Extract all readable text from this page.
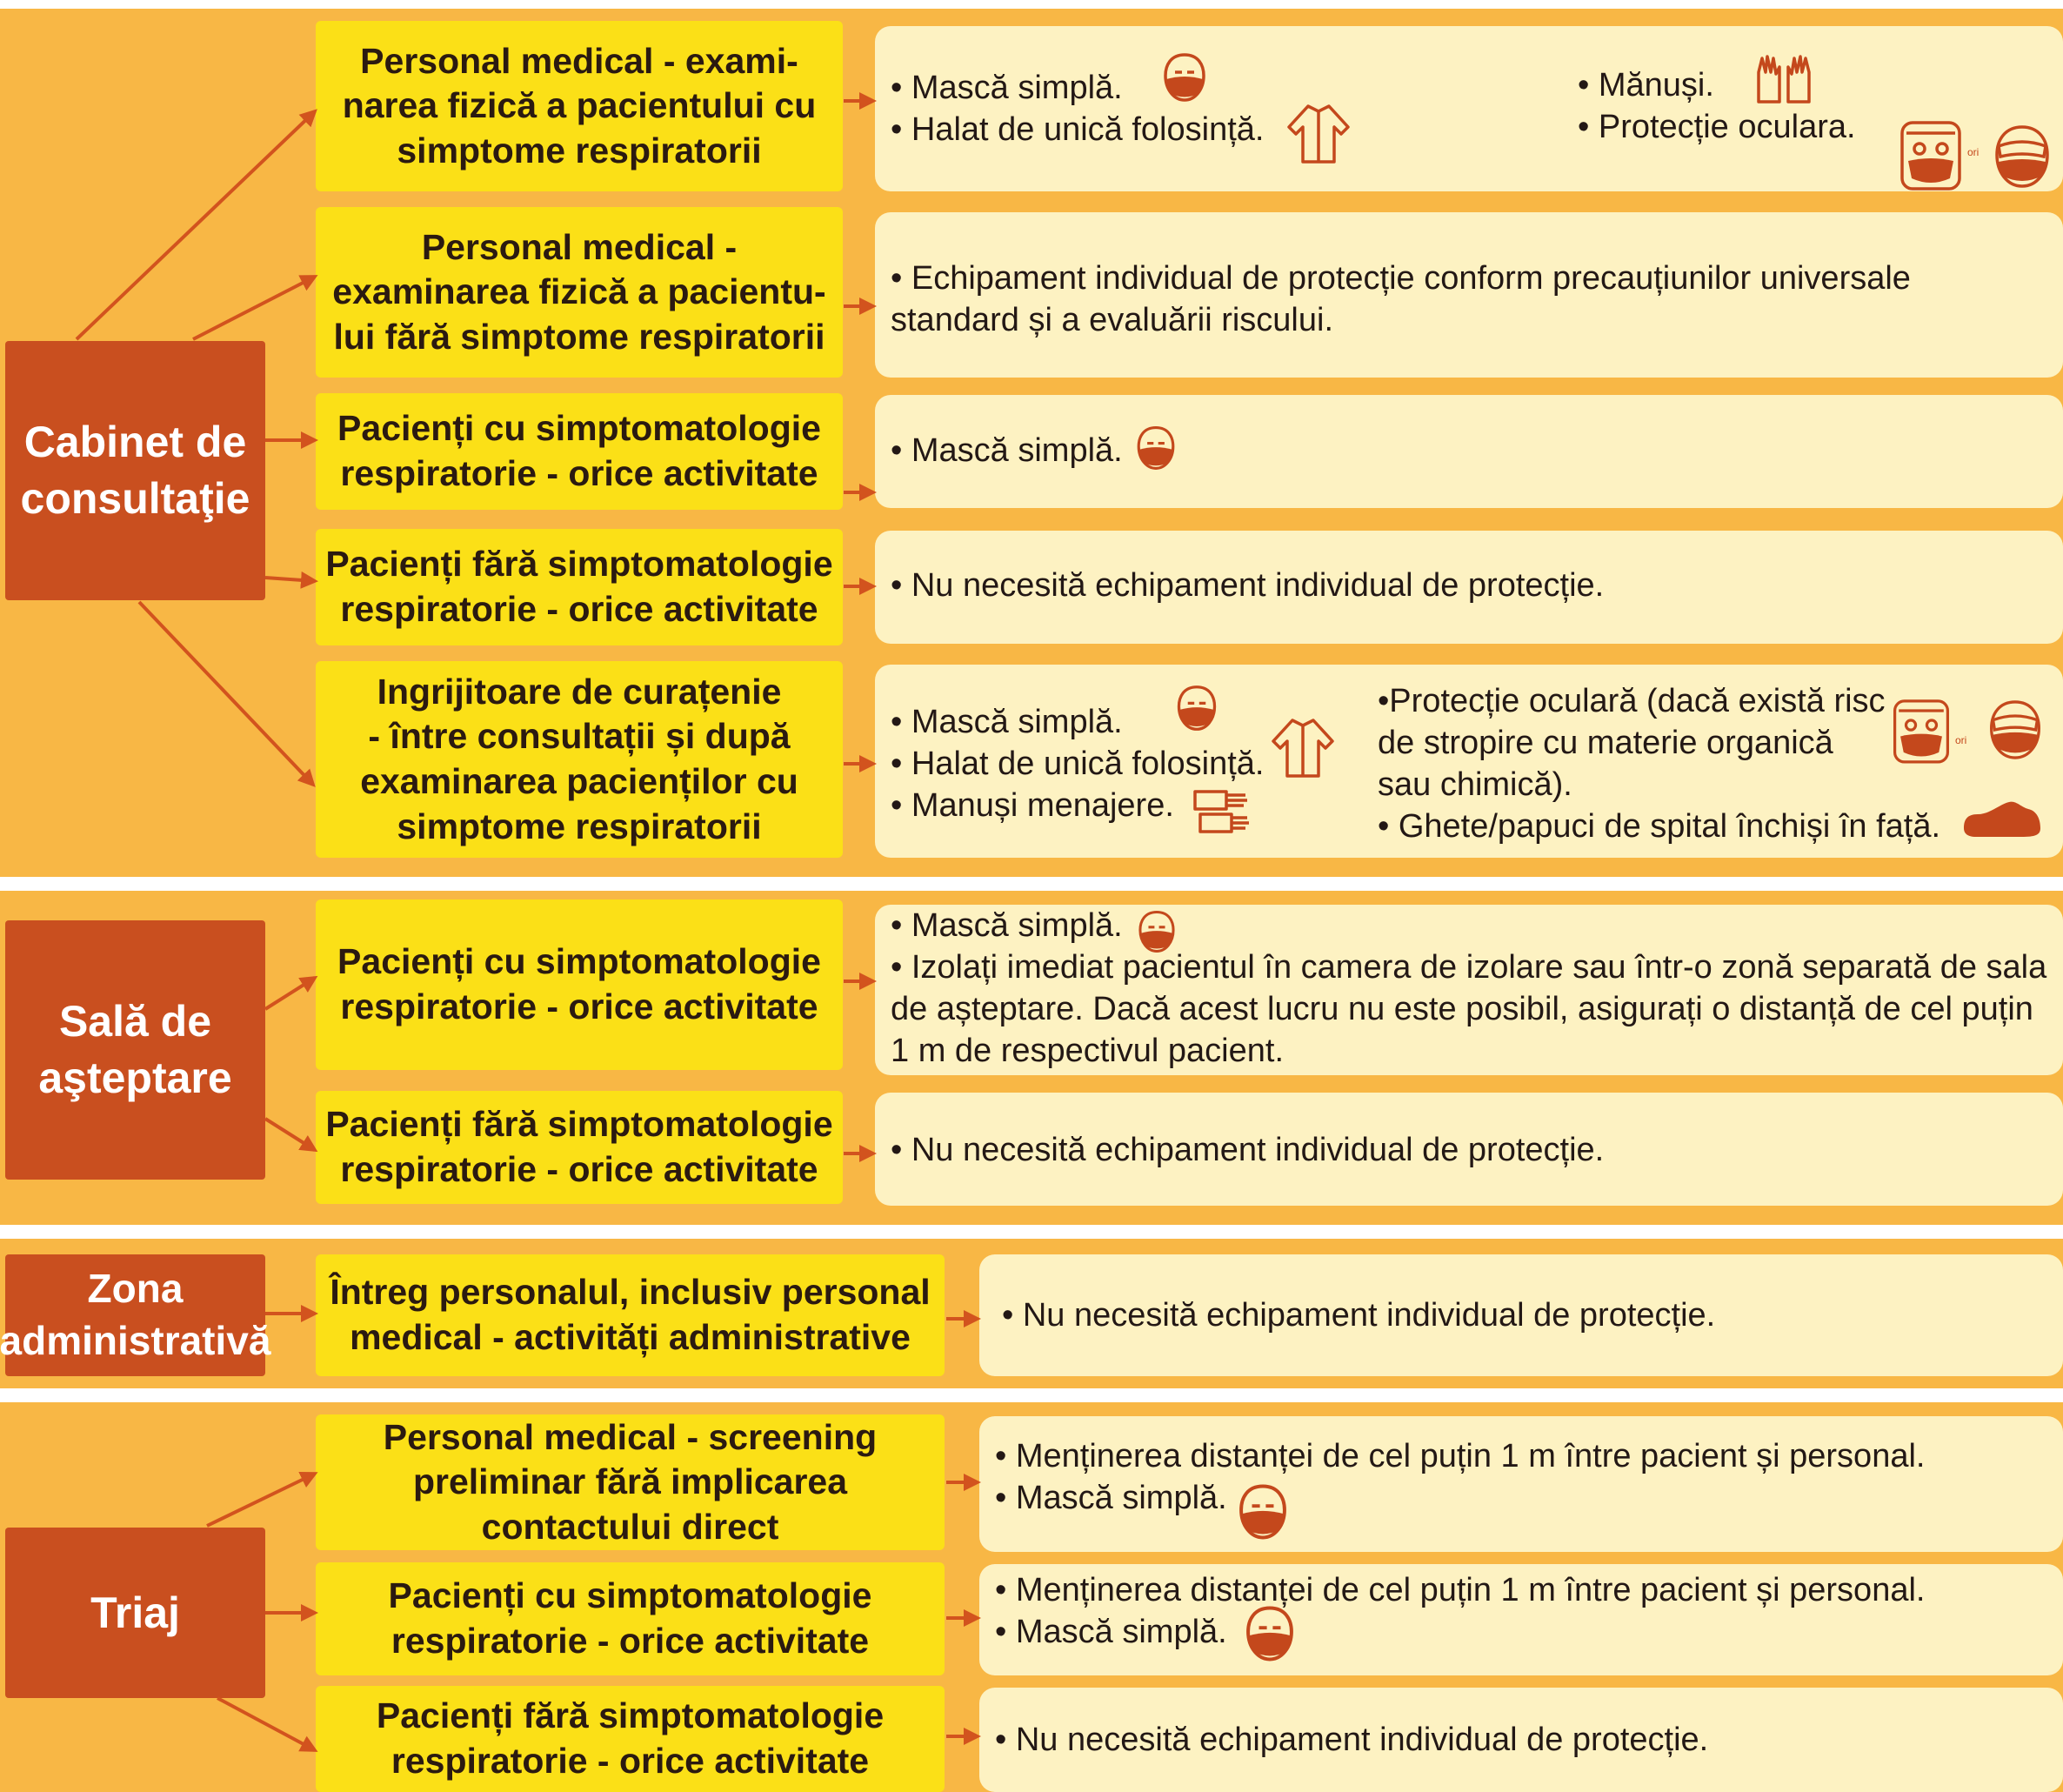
Cabinet de
consultaţie
Sală de
aşteptare
Zona
administrativă
Triaj
Personal medical - exami-
narea fizică a pacientului cu
simptome respiratorii
Personal medical -
examinarea fizică a pacientu-
lui fără simptome respiratorii
Pacienți cu simptomatologie
respiratorie - orice activitate
Pacienți fără simptomatologie
respiratorie - orice activitate
Ingrijitoare de curațenie
- între consultații și după
examinarea pacienților cu
simptome respiratorii
Pacienți cu simptomatologie
respiratorie - orice activitate
Pacienți fără simptomatologie
respiratorie - orice activitate
Întreg personalul, inclusiv personal
medical - activități administrative
Personal medical - screening
preliminar fără implicarea
contactului direct
Pacienți cu simptomatologie
respiratorie - orice activitate
Pacienți fără simptomatologie
respiratorie - orice activitate
• Mască simplă.
• Halat de unică folosință.
• Mănuși.
• Protecție oculara.
ori
• Echipament individual de protecție conform precauțiunilor universale standard și a evaluării riscului.
• Mască simplă.
• Nu necesită echipament individual de protecție.
• Mască simplă.
• Halat de unică folosință.
• Manuși menajere.
•Protecție oculară (dacă există risc
de stropire cu materie organică
sau chimică).
• Ghete/papuci de spital închiși în față.
ori
• Mască simplă.
• Izolați imediat pacientul în camera de izolare sau într-o zonă separată de sala de așteptare. Dacă acest lucru nu este posibil, asigurați o distanță de cel puțin 1 m de respectivul pacient.
• Nu necesită echipament individual de protecție.
• Nu necesită echipament individual de protecție.
• Menținerea distanței de cel puțin 1 m între pacient și personal.
• Mască simplă.
• Menținerea distanței de cel puțin 1 m între pacient și personal.
• Mască simplă.
• Nu necesită echipament individual de protecție.
